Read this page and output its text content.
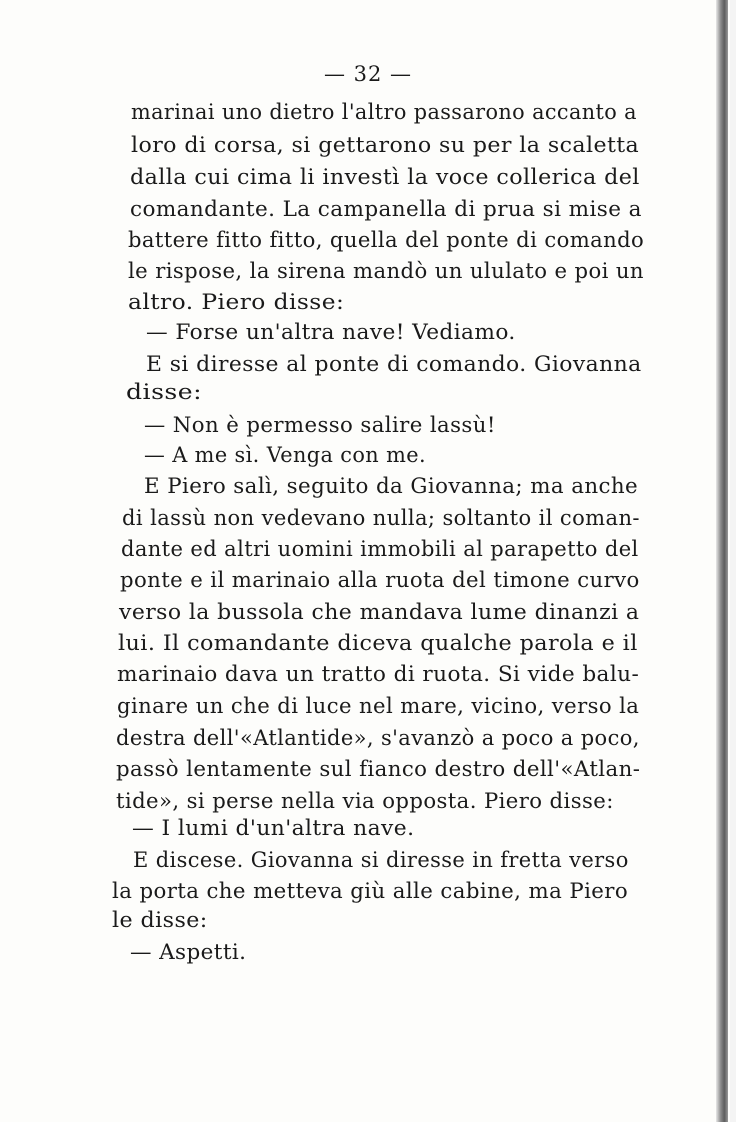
— 32 —
marinai uno dietro l'altro passarono accanto a
loro di corsa, si gettarono su per la scaletta
dalla cui cima li investì la voce collerica del
comandante. La campanella di prua si mise a
battere fitto fitto, quella del ponte di comando
le rispose, la sirena mandò un ululato e poi un
altro. Piero disse:
— Forse un'altra nave! Vediamo.
E si diresse al ponte di comando. Giovanna
disse:
— Non è permesso salire lassù!
— A me sì. Venga con me.
E Piero salì, seguito da Giovanna; ma anche
di lassù non vedevano nulla; soltanto il coman-
dante ed altri uomini immobili al parapetto del
ponte e il marinaio alla ruota del timone curvo
verso la bussola che mandava lume dinanzi a
lui. Il comandante diceva qualche parola e il
marinaio dava un tratto di ruota. Si vide balu-
ginare un che di luce nel mare, vicino, verso la
destra dell'«Atlantide», s'avanzò a poco a poco,
passò lentamente sul fianco destro dell'«Atlan-
tide», si perse nella via opposta. Piero disse:
— I lumi d'un'altra nave.
E discese. Giovanna si diresse in fretta verso
la porta che metteva giù alle cabine, ma Piero
le disse:
— Aspetti.
